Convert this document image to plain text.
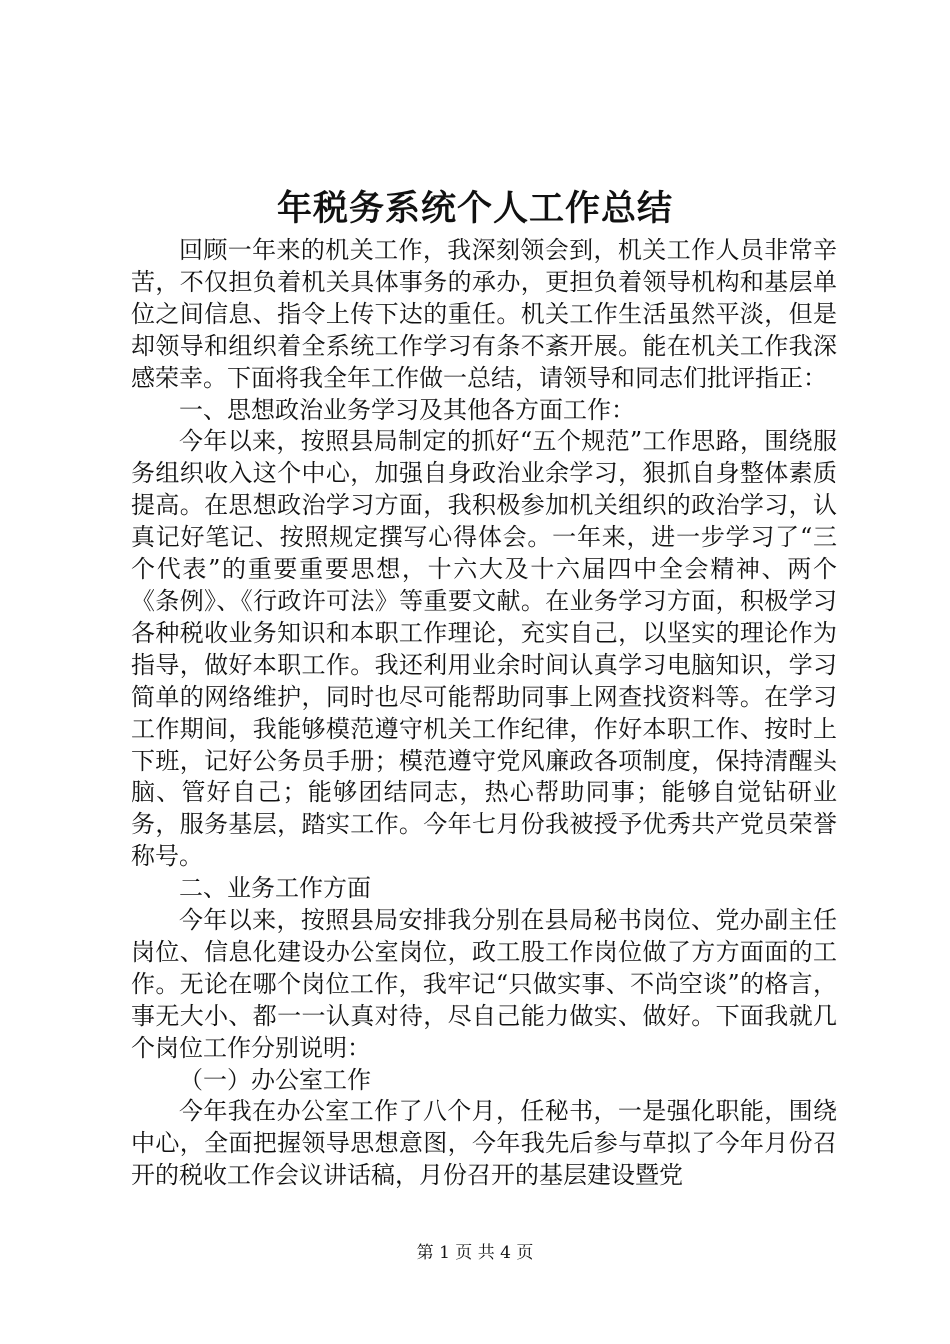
年税务系统个人工作总结

回顾一年来的机关工作，我深刻领会到，机关工作人员非常辛苦，不仅担负着机关具体事务的承办，更担负着领导机构和基层单位之间信息、指令上传下达的重任。机关工作生活虽然平淡，但是却领导和组织着全系统工作学习有条不紊开展。能在机关工作我深感荣幸。下面将我全年工作做一总结，请领导和同志们批评指正：

一、思想政治业务学习及其他各方面工作：

今年以来，按照县局制定的抓好“五个规范”工作思路，围绕服务组织收入这个中心，加强自身政治业余学习，狠抓自身整体素质提高。在思想政治学习方面，我积极参加机关组织的政治学习，认真记好笔记、按照规定撰写心得体会。一年来，进一步学习了“三个代表”的重要重要思想，十六大及十六届四中全会精神、两个《条例》、《行政许可法》等重要文献。在业务学习方面，积极学习各种税收业务知识和本职工作理论，充实自己，以坚实的理论作为指导，做好本职工作。我还利用业余时间认真学习电脑知识，学习简单的网络维护，同时也尽可能帮助同事上网查找资料等。在学习工作期间，我能够模范遵守机关工作纪律，作好本职工作、按时上下班，记好公务员手册；模范遵守党风廉政各项制度，保持清醒头脑、管好自己；能够团结同志，热心帮助同事；能够自觉钻研业务，服务基层，踏实工作。今年七月份我被授予优秀共产党员荣誉称号。

二、业务工作方面

今年以来，按照县局安排我分别在县局秘书岗位、党办副主任岗位、信息化建设办公室岗位，政工股工作岗位做了方方面面的工作。无论在哪个岗位工作，我牢记“只做实事、不尚空谈”的格言，事无大小、都一一认真对待，尽自己能力做实、做好。下面我就几个岗位工作分别说明：

（一）办公室工作

今年我在办公室工作了八个月，任秘书，一是强化职能，围绕中心，全面把握领导思想意图，今年我先后参与草拟了今年月份召开的税收工作会议讲话稿，月份召开的基层建设暨党

第 1 页 共 4 页
